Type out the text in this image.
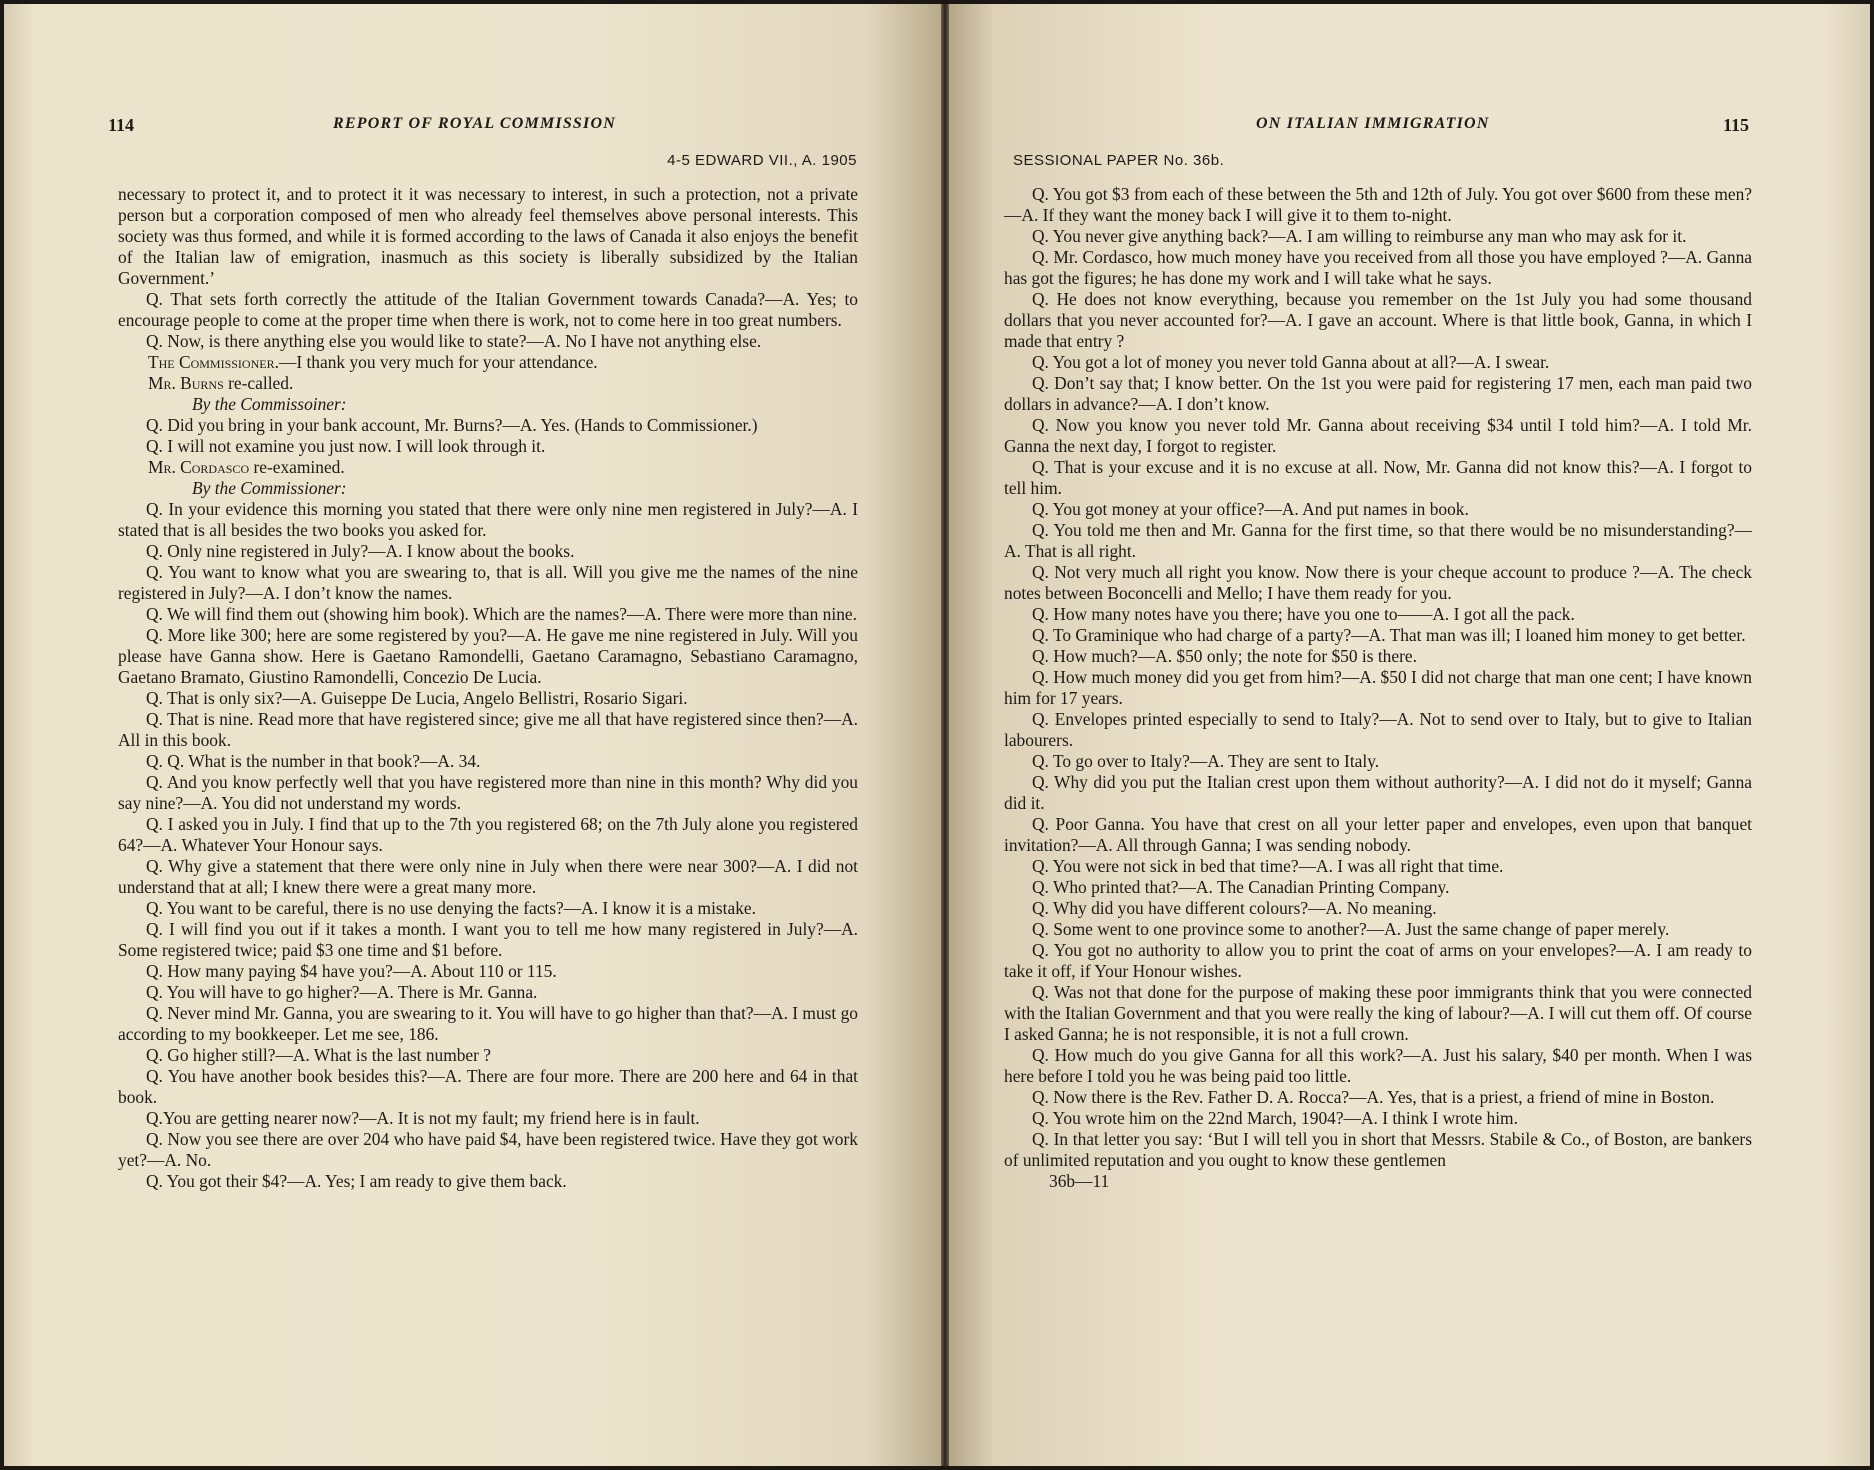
114	REPORT OF ROYAL COMMISSION
4-5 EDWARD VII., A. 1905

necessary to protect it, and to protect it it was necessary to interest, in such a protection, not a private person but a corporation composed of men who already feel themselves above personal interests. This society was thus formed, and while it is formed according to the laws of Canada it also enjoys the benefit of the Italian law of emigration, inasmuch as this society is liberally subsidized by the Italian Government.’

Q. That sets forth correctly the attitude of the Italian Government towards Canada?—A. Yes; to encourage people to come at the proper time when there is work, not to come here in too great numbers.

Q. Now, is there anything else you would like to state?—A. No I have not anything else.

The Commissioner.—I thank you very much for your attendance.

Mr. Burns re-called.

By the Commissoiner:

Q. Did you bring in your bank account, Mr. Burns?—A. Yes. (Hands to Commissioner.)

Q. I will not examine you just now. I will look through it.

Mr. Cordasco re-examined.

By the Commissioner:

Q. In your evidence this morning you stated that there were only nine men registered in July?—A. I stated that is all besides the two books you asked for.

Q. Only nine registered in July?—A. I know about the books.

Q. You want to know what you are swearing to, that is all. Will you give me the names of the nine registered in July?—A. I don’t know the names.

Q. We will find them out (showing him book). Which are the names?—A. There were more than nine.

Q. More like 300; here are some registered by you?—A. He gave me nine registered in July. Will you please have Ganna show. Here is Gaetano Ramondelli, Gaetano Caramagno, Sebastiano Caramagno, Gaetano Bramato, Giustino Ramondelli, Concezio De Lucia.

Q. That is only six?—A. Guiseppe De Lucia, Angelo Bellistri, Rosario Sigari.

Q. That is nine. Read more that have registered since; give me all that have registered since then?—A. All in this book.

Q. Q. What is the number in that book?—A. 34.

Q. And you know perfectly well that you have registered more than nine in this month? Why did you say nine?—A. You did not understand my words.

Q. I asked you in July. I find that up to the 7th you registered 68; on the 7th July alone you registered 64?—A. Whatever Your Honour says.

Q. Why give a statement that there were only nine in July when there were near 300?—A. I did not understand that at all; I knew there were a great many more.

Q. You want to be careful, there is no use denying the facts?—A. I know it is a mistake.

Q. I will find you out if it takes a month. I want you to tell me how many registered in July?—A. Some registered twice; paid $3 one time and $1 before.

Q. How many paying $4 have you?—A. About 110 or 115.

Q. You will have to go higher?—A. There is Mr. Ganna.

Q. Never mind Mr. Ganna, you are swearing to it. You will have to go higher than that?—A. I must go according to my bookkeeper. Let me see, 186.

Q. Go higher still?—A. What is the last number ?

Q. You have another book besides this?—A. There are four more. There are 200 here and 64 in that book.

Q.You are getting nearer now?—A. It is not my fault; my friend here is in fault.

Q. Now you see there are over 204 who have paid $4, have been registered twice. Have they got work yet?—A. No.

Q. You got their $4?—A. Yes; I am ready to give them back.

ON ITALIAN IMMIGRATION	115
SESSIONAL PAPER No. 36b.

Q. You got $3 from each of these between the 5th and 12th of July. You got over $600 from these men?—A. If they want the money back I will give it to them to-night.

Q. You never give anything back?—A. I am willing to reimburse any man who may ask for it.

Q. Mr. Cordasco, how much money have you received from all those you have employed ?—A. Ganna has got the figures; he has done my work and I will take what he says.

Q. He does not know everything, because you remember on the 1st July you had some thousand dollars that you never accounted for?—A. I gave an account. Where is that little book, Ganna, in which I made that entry ?

Q. You got a lot of money you never told Ganna about at all?—A. I swear.

Q. Don’t say that; I know better. On the 1st you were paid for registering 17 men, each man paid two dollars in advance?—A. I don’t know.

Q. Now you know you never told Mr. Ganna about receiving $34 until I told him?—A. I told Mr. Ganna the next day, I forgot to register.

Q. That is your excuse and it is no excuse at all. Now, Mr. Ganna did not know this?—A. I forgot to tell him.

Q. You got money at your office?—A. And put names in book.

Q. You told me then and Mr. Ganna for the first time, so that there would be no misunderstanding?—A. That is all right.

Q. Not very much all right you know. Now there is your cheque account to produce ?—A. The check notes between Boconcelli and Mello; I have them ready for you.

Q. How many notes have you there; have you one to——A. I got all the pack.

Q. To Graminique who had charge of a party?—A. That man was ill; I loaned him money to get better.

Q. How much?—A. $50 only; the note for $50 is there.

Q. How much money did you get from him?—A. $50 I did not charge that man one cent; I have known him for 17 years.

Q. Envelopes printed especially to send to Italy?—A. Not to send over to Italy, but to give to Italian labourers.

Q. To go over to Italy?—A. They are sent to Italy.

Q. Why did you put the Italian crest upon them without authority?—A. I did not do it myself; Ganna did it.

Q. Poor Ganna. You have that crest on all your letter paper and envelopes, even upon that banquet invitation?—A. All through Ganna; I was sending nobody.

Q. You were not sick in bed that time?—A. I was all right that time.

Q. Who printed that?—A. The Canadian Printing Company.

Q. Why did you have different colours?—A. No meaning.

Q. Some went to one province some to another?—A. Just the same change of paper merely.

Q. You got no authority to allow you to print the coat of arms on your envelopes?—A. I am ready to take it off, if Your Honour wishes.

Q. Was not that done for the purpose of making these poor immigrants think that you were connected with the Italian Government and that you were really the king of labour?—A. I will cut them off. Of course I asked Ganna; he is not responsible, it is not a full crown.

Q. How much do you give Ganna for all this work?—A. Just his salary, $40 per month. When I was here before I told you he was being paid too little.

Q. Now there is the Rev. Father D. A. Rocca?—A. Yes, that is a priest, a friend of mine in Boston.

Q. You wrote him on the 22nd March, 1904?—A. I think I wrote him.

Q. In that letter you say: ‘But I will tell you in short that Messrs. Stabile & Co., of Boston, are bankers of unlimited reputation and you ought to know these gentlemen

36b—11
